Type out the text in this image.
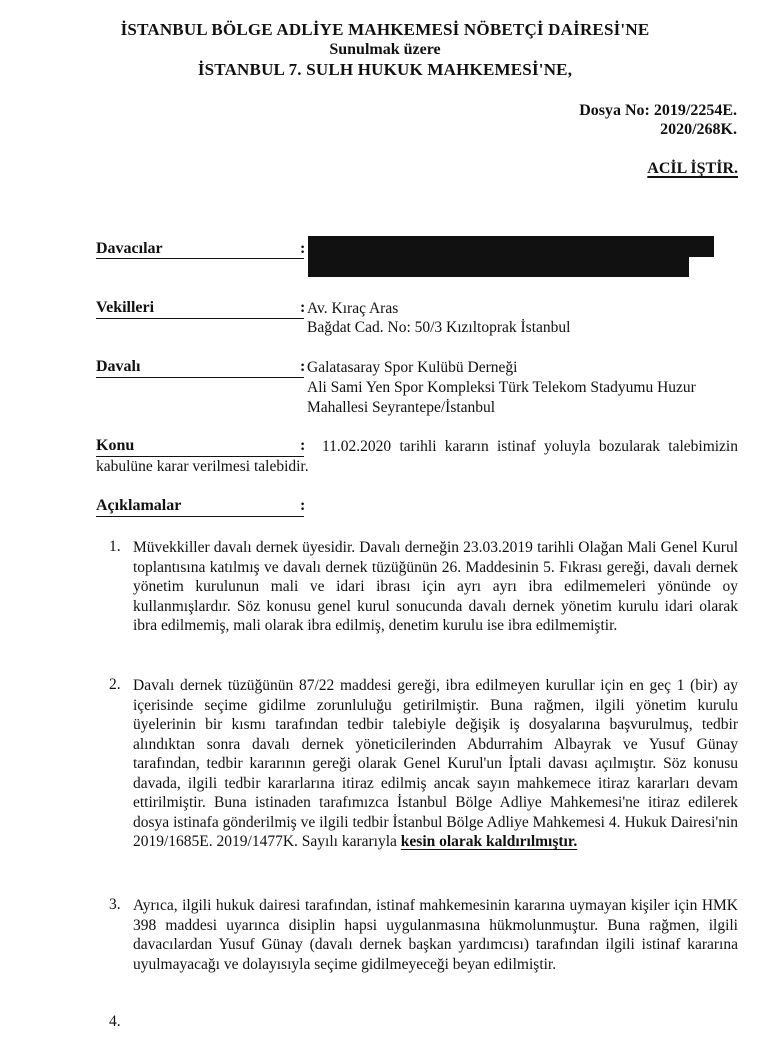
İSTANBUL BÖLGE ADLİYE MAHKEMESİ NÖBETÇİ DAİRESİ'NE
Sunulmak üzere
İSTANBUL 7. SULH HUKUK MAHKEMESİ'NE,
Dosya No: 2019/2254E.
2020/268K.
ACİL İŞTİR.
Davacılar	:
Vekilleri	: Av. Kıraç Aras
Bağdat Cad. No: 50/3 Kızıltoprak İstanbul
Davalı	: Galatasaray Spor Kulübü Derneği
Ali Sami Yen Spor Kompleksi Türk Telekom Stadyumu Huzur
Mahallesi Seyrantepe/İstanbul
Konu	:	11.02.2020 tarihli kararın istinaf yoluyla bozularak talebimizin kabulüne karar verilmesi talebidir.
Açıklamalar	:
1. Müvekkiller davalı dernek üyesidir. Davalı derneğin 23.03.2019 tarihli Olağan Mali Genel Kurul toplantısına katılmış ve davalı dernek tüzüğünün 26. Maddesinin 5. Fıkrası gereği, davalı dernek yönetim kurulunun mali ve idari ibrası için ayrı ayrı ibra edilmemeleri yönünde oy kullanmışlardır. Söz konusu genel kurul sonucunda davalı dernek yönetim kurulu idari olarak ibra edilmemiş, mali olarak ibra edilmiş, denetim kurulu ise ibra edilmemiştir.
2. Davalı dernek tüzüğünün 87/22 maddesi gereği, ibra edilmeyen kurullar için en geç 1 (bir) ay içerisinde seçime gidilme zorunluluğu getirilmiştir. Buna rağmen, ilgili yönetim kurulu üyelerinin bir kısmı tarafından tedbir talebiyle değişik iş dosyalarına başvurulmuş, tedbir alındıktan sonra davalı dernek yöneticilerinden Abdurrahim Albayrak ve Yusuf Günay tarafından, tedbir kararının gereği olarak Genel Kurul'un İptali davası açılmıştır. Söz konusu davada, ilgili tedbir kararlarına itiraz edilmiş ancak sayın mahkemece itiraz kararları devam ettirilmiştir. Buna istinaden tarafımızca İstanbul Bölge Adliye Mahkemesi'ne itiraz edilerek dosya istinafa gönderilmiş ve ilgili tedbir İstanbul Bölge Adliye Mahkemesi 4. Hukuk Dairesi'nin 2019/1685E. 2019/1477K. Sayılı kararıyla kesin olarak kaldırılmıştır.
3. Ayrıca, ilgili hukuk dairesi tarafından, istinaf mahkemesinin kararına uymayan kişiler için HMK 398 maddesi uyarınca disiplin hapsi uygulanmasına hükmolunmuştur. Buna rağmen, ilgili davacılardan Yusuf Günay (davalı dernek başkan yardımcısı) tarafından ilgili istinaf kararına uyulmayacağı ve dolayısıyla seçime gidilmeyeceği beyan edilmiştir.
4.
